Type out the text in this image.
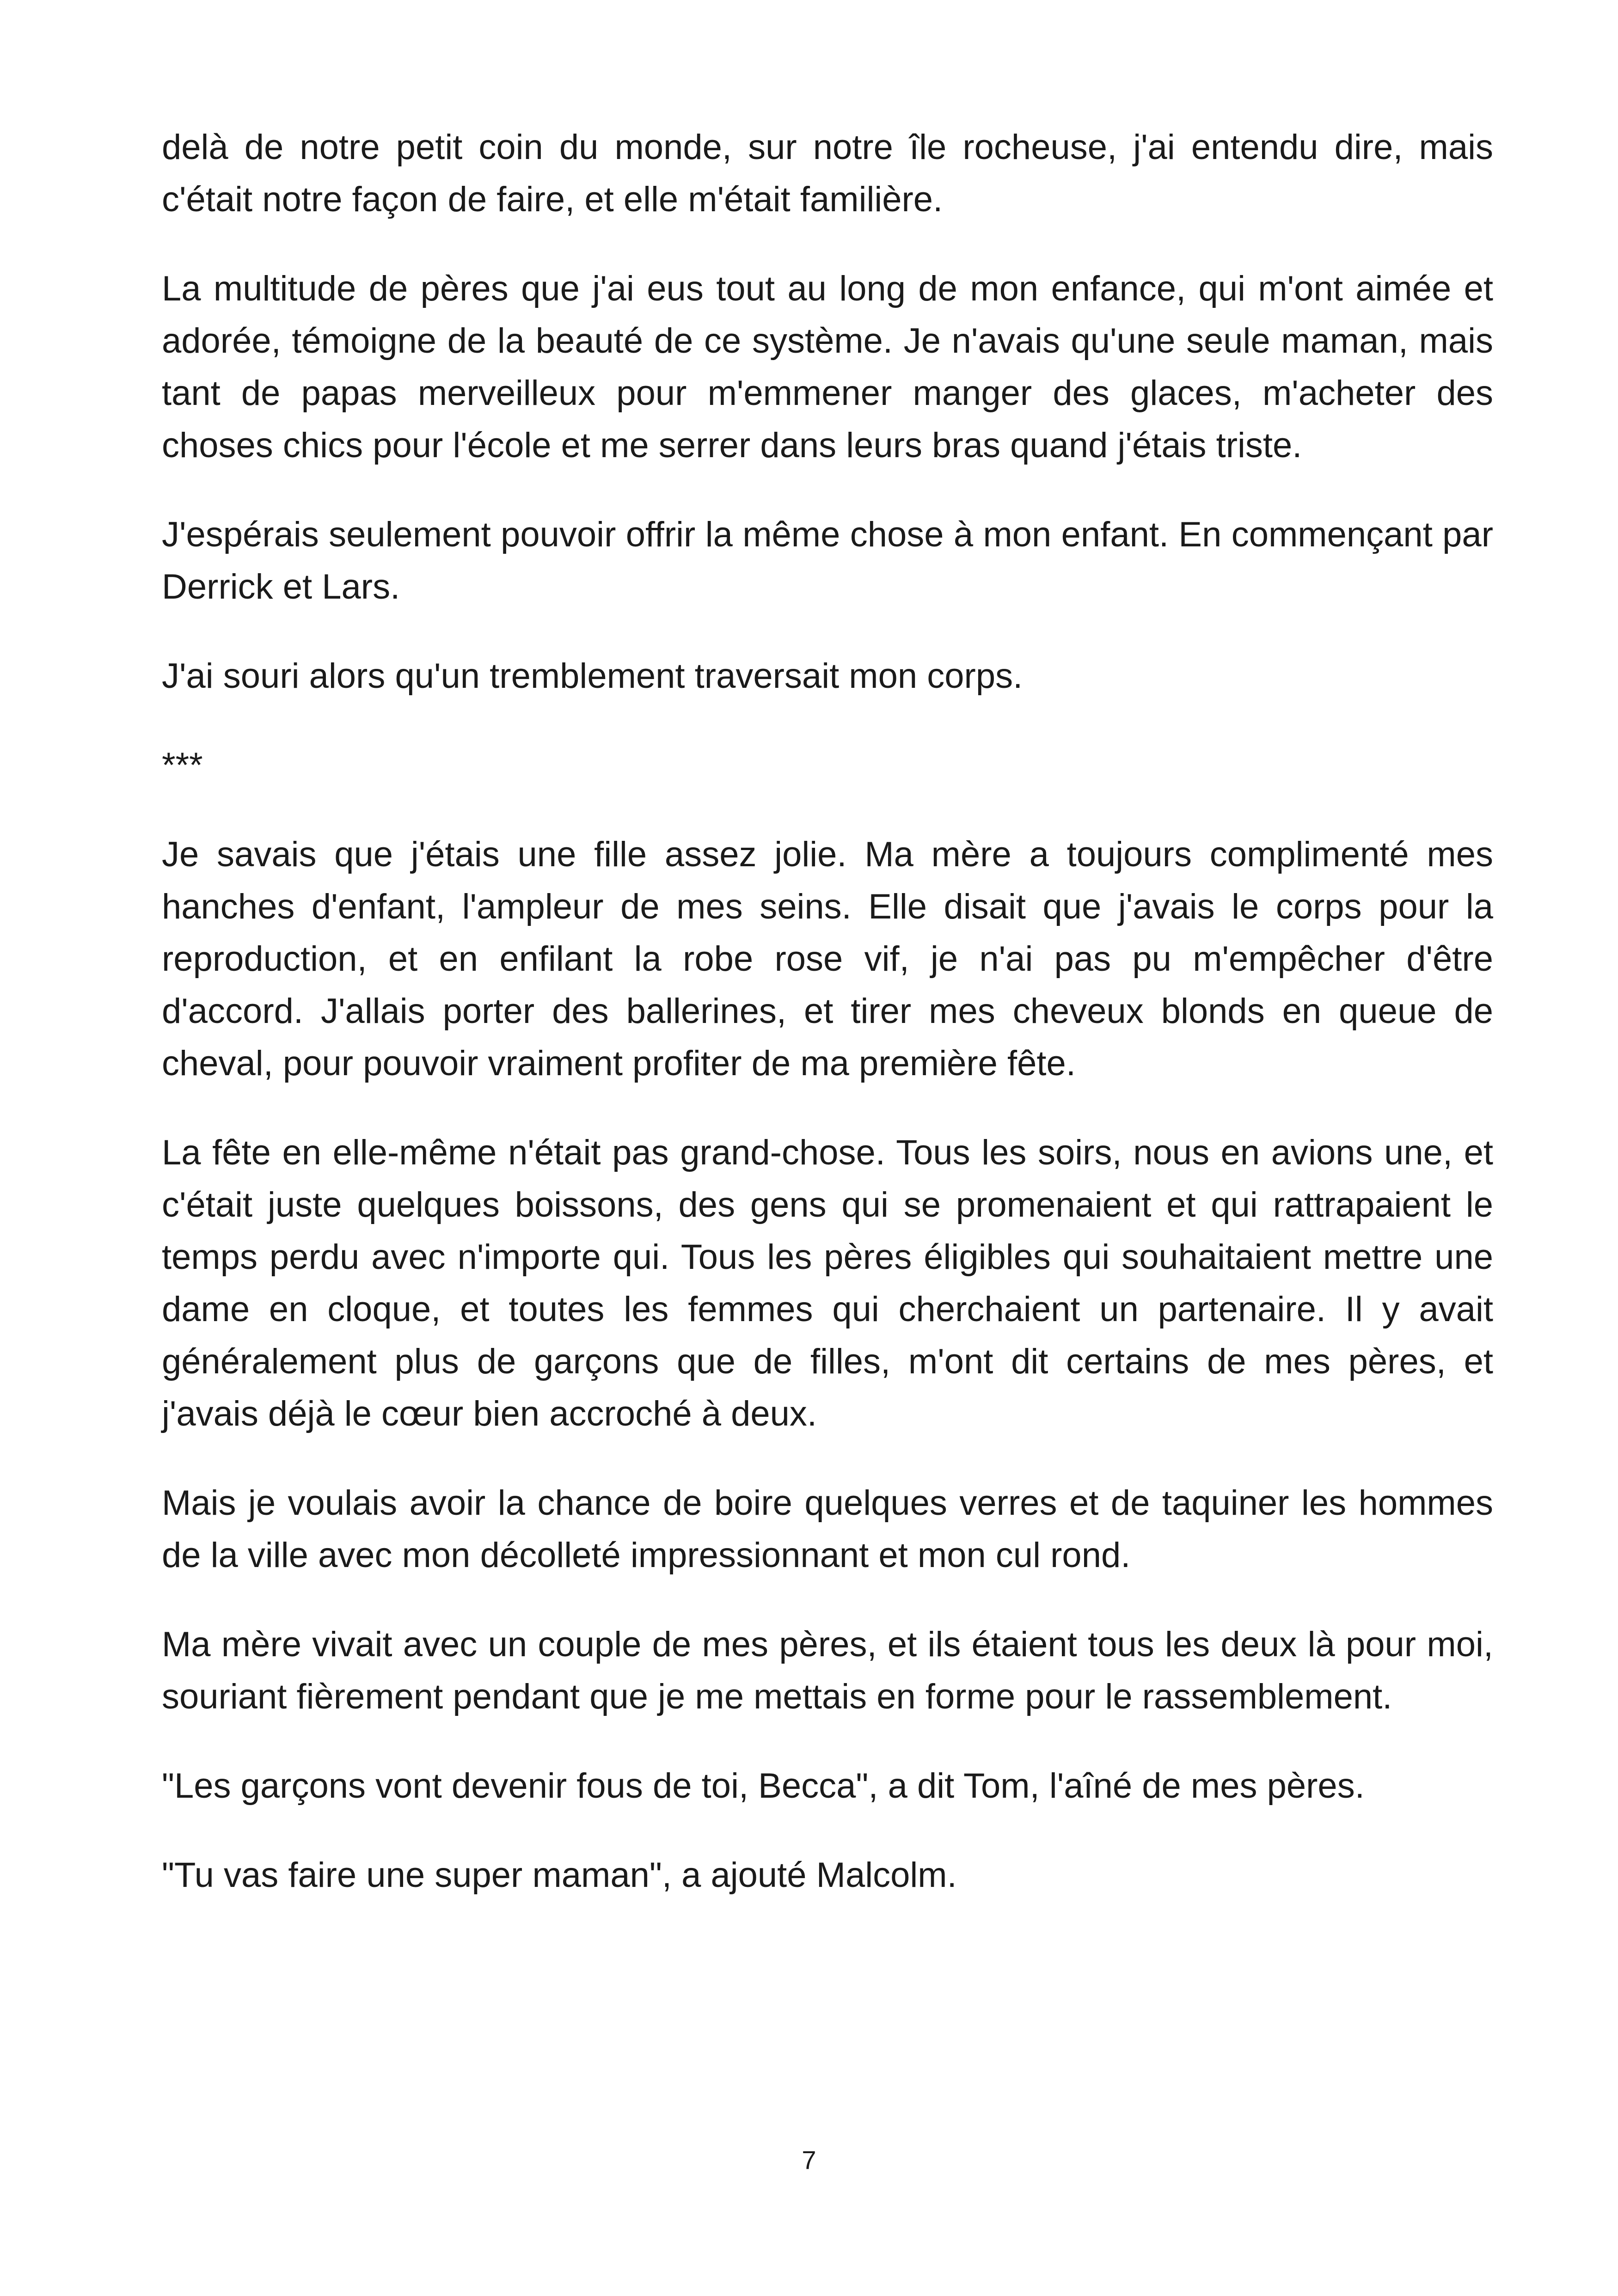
delà de notre petit coin du monde, sur notre île rocheuse, j'ai entendu dire, mais c'était notre façon de faire, et elle m'était familière.

La multitude de pères que j'ai eus tout au long de mon enfance, qui m'ont aimée et adorée, témoigne de la beauté de ce système. Je n'avais qu'une seule maman, mais tant de papas merveilleux pour m'emmener manger des glaces, m'acheter des choses chics pour l'école et me serrer dans leurs bras quand j'étais triste.

J'espérais seulement pouvoir offrir la même chose à mon enfant. En commençant par Derrick et Lars.

J'ai souri alors qu'un tremblement traversait mon corps.

***

Je savais que j'étais une fille assez jolie. Ma mère a toujours complimenté mes hanches d'enfant, l'ampleur de mes seins. Elle disait que j'avais le corps pour la reproduction, et en enfilant la robe rose vif, je n'ai pas pu m'empêcher d'être d'accord. J'allais porter des ballerines, et tirer mes cheveux blonds en queue de cheval, pour pouvoir vraiment profiter de ma première fête.

La fête en elle-même n'était pas grand-chose. Tous les soirs, nous en avions une, et c'était juste quelques boissons, des gens qui se promenaient et qui rattrapaient le temps perdu avec n'importe qui. Tous les pères éligibles qui souhaitaient mettre une dame en cloque, et toutes les femmes qui cherchaient un partenaire. Il y avait généralement plus de garçons que de filles, m'ont dit certains de mes pères, et j'avais déjà le cœur bien accroché à deux.

Mais je voulais avoir la chance de boire quelques verres et de taquiner les hommes de la ville avec mon décolleté impressionnant et mon cul rond.

Ma mère vivait avec un couple de mes pères, et ils étaient tous les deux là pour moi, souriant fièrement pendant que je me mettais en forme pour le rassemblement.

"Les garçons vont devenir fous de toi, Becca", a dit Tom, l'aîné de mes pères.

"Tu vas faire une super maman", a ajouté Malcolm.

7
